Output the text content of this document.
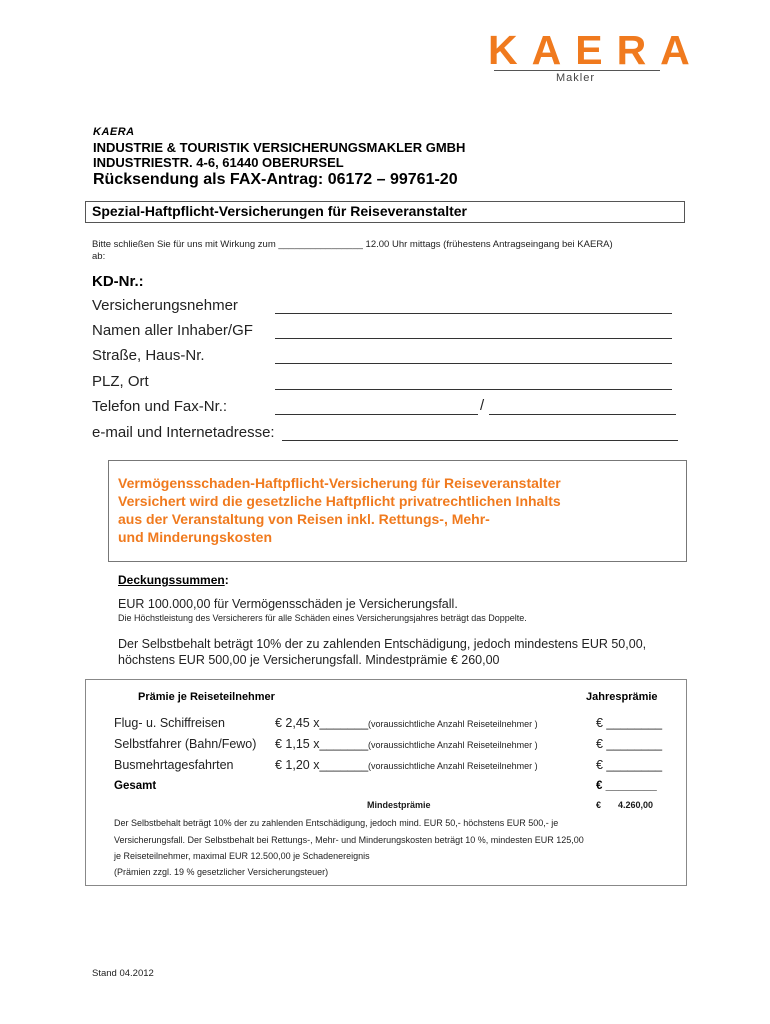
KAERA
Makler
KAERA
INDUSTRIE & TOURISTIK VERSICHERUNGSMAKLER GMBH
INDUSTRIESTR. 4-6, 61440 OBERURSEL
Rücksendung als FAX-Antrag: 06172 – 99761-20
Spezial-Haftpflicht-Versicherungen für Reiseveranstalter
Bitte schließen Sie für uns mit Wirkung zum ________________ 12.00 Uhr mittags (frühestens Antragseingang bei KAERA)
ab:
KD-Nr.:
Versicherungsnehmer
Namen aller Inhaber/GF
Straße, Haus-Nr.
PLZ, Ort
Telefon und Fax-Nr.:	/
e-mail und Internetadresse:
Vermögensschaden-Haftpflicht-Versicherung für Reiseveranstalter
Versichert wird die gesetzliche Haftpflicht privatrechtlichen Inhalts
aus der Veranstaltung von Reisen inkl. Rettungs-, Mehr-
und Minderungskosten
Deckungssummen:
EUR 100.000,00 für Vermögensschäden je Versicherungsfall.
Die Höchstleistung des Versicherers für alle Schäden eines Versicherungsjahres beträgt das Doppelte.
Der Selbstbehalt beträgt 10% der zu zahlenden Entschädigung, jedoch mindestens EUR 50,00,
höchstens EUR 500,00 je Versicherungsfall. Mindestprämie € 260,00
Prämie je Reiseteilnehmer	Jahresprämie
Flug- u. Schiffreisen	€ 2,45 x_______ (voraussichtliche Anzahl Reiseteilnehmer )	€ ________
Selbstfahrer (Bahn/Fewo) € 1,15 x_______ (voraussichtliche Anzahl Reiseteilnehmer )	€ ________
Busmehrtagesfahrten	€ 1,20 x_______ (voraussichtliche Anzahl Reiseteilnehmer )	€ ________
Gesamt	€ ________
Mindestprämie	€ 4.260,00
Der Selbstbehalt beträgt 10% der zu zahlenden Entschädigung, jedoch mind. EUR 50,- höchstens EUR 500,- je
Versicherungsfall. Der Selbstbehalt bei Rettungs-, Mehr- und Minderungskosten beträgt 10 %, mindesten EUR 125,00
je Reiseteilnehmer, maximal EUR 12.500,00 je Schadenereignis
(Prämien zzgl. 19 % gesetzlicher Versicherungsteuer)
Stand 04.2012
